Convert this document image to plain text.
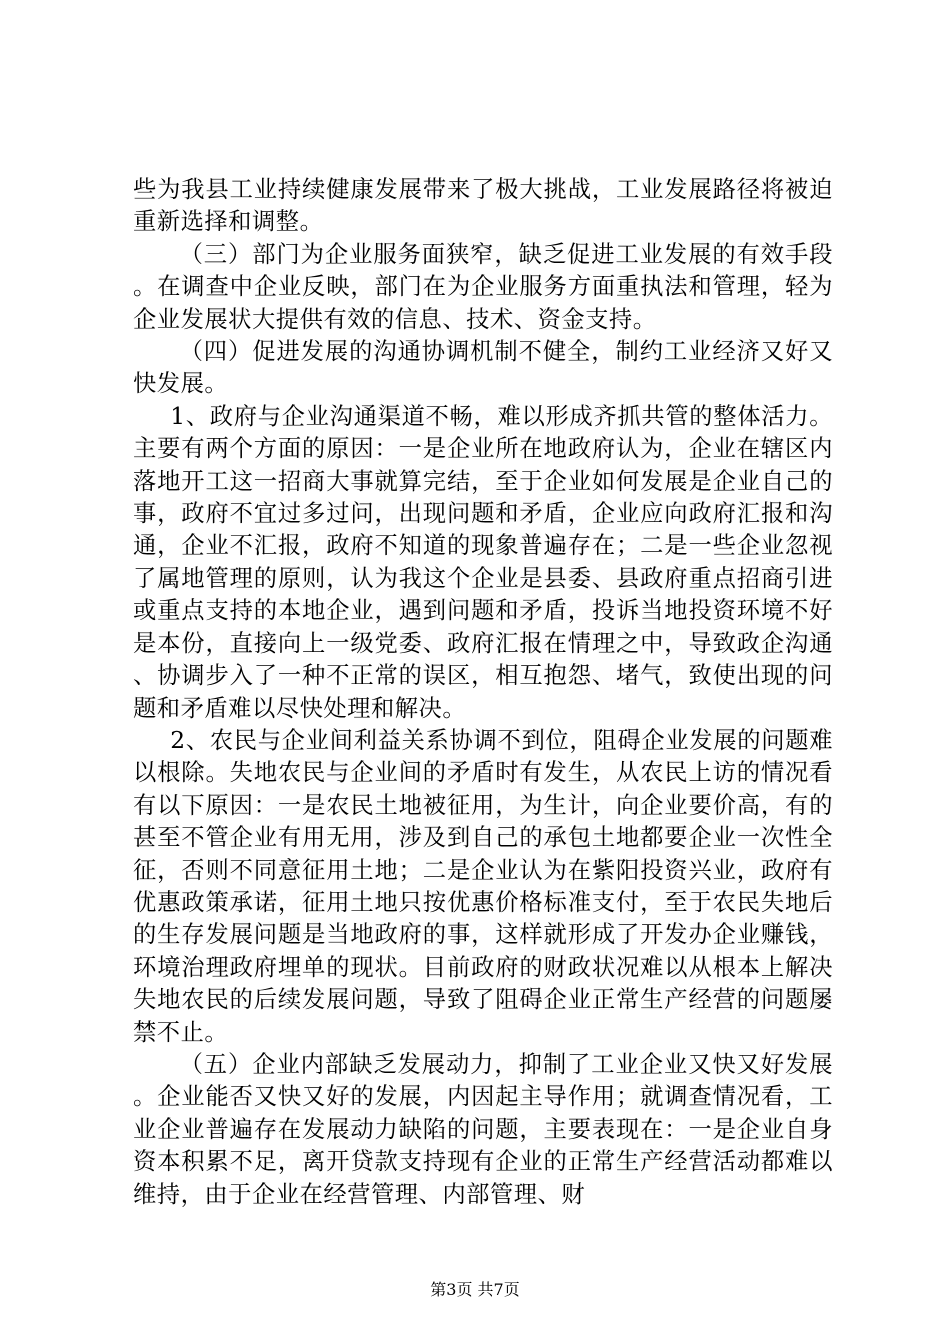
些为我县工业持续健康发展带来了极大挑战，工业发展路径将被迫重新选择和调整。

（三）部门为企业服务面狭窄，缺乏促进工业发展的有效手段。在调查中企业反映，部门在为企业服务方面重执法和管理，轻为企业发展状大提供有效的信息、技术、资金支持。

（四）促进发展的沟通协调机制不健全，制约工业经济又好又快发展。

1、政府与企业沟通渠道不畅，难以形成齐抓共管的整体活力。主要有两个方面的原因：一是企业所在地政府认为，企业在辖区内落地开工这一招商大事就算完结，至于企业如何发展是企业自己的事，政府不宜过多过问，出现问题和矛盾，企业应向政府汇报和沟通，企业不汇报，政府不知道的现象普遍存在；二是一些企业忽视了属地管理的原则，认为我这个企业是县委、县政府重点招商引进或重点支持的本地企业，遇到问题和矛盾，投诉当地投资环境不好是本份，直接向上一级党委、政府汇报在情理之中，导致政企沟通、协调步入了一种不正常的误区，相互抱怨、堵气，致使出现的问题和矛盾难以尽快处理和解决。

2、农民与企业间利益关系协调不到位，阻碍企业发展的问题难以根除。失地农民与企业间的矛盾时有发生，从农民上访的情况看有以下原因：一是农民土地被征用，为生计，向企业要价高，有的甚至不管企业有用无用，涉及到自己的承包土地都要企业一次性全征，否则不同意征用土地；二是企业认为在紫阳投资兴业，政府有优惠政策承诺，征用土地只按优惠价格标准支付，至于农民失地后的生存发展问题是当地政府的事，这样就形成了开发办企业赚钱，环境治理政府埋单的现状。目前政府的财政状况难以从根本上解决失地农民的后续发展问题，导致了阻碍企业正常生产经营的问题屡禁不止。

（五）企业内部缺乏发展动力，抑制了工业企业又快又好发展。企业能否又快又好的发展，内因起主导作用；就调查情况看，工业企业普遍存在发展动力缺陷的问题，主要表现在：一是企业自身资本积累不足，离开贷款支持现有企业的正常生产经营活动都难以维持，由于企业在经营管理、内部管理、财

第3页 共7页
